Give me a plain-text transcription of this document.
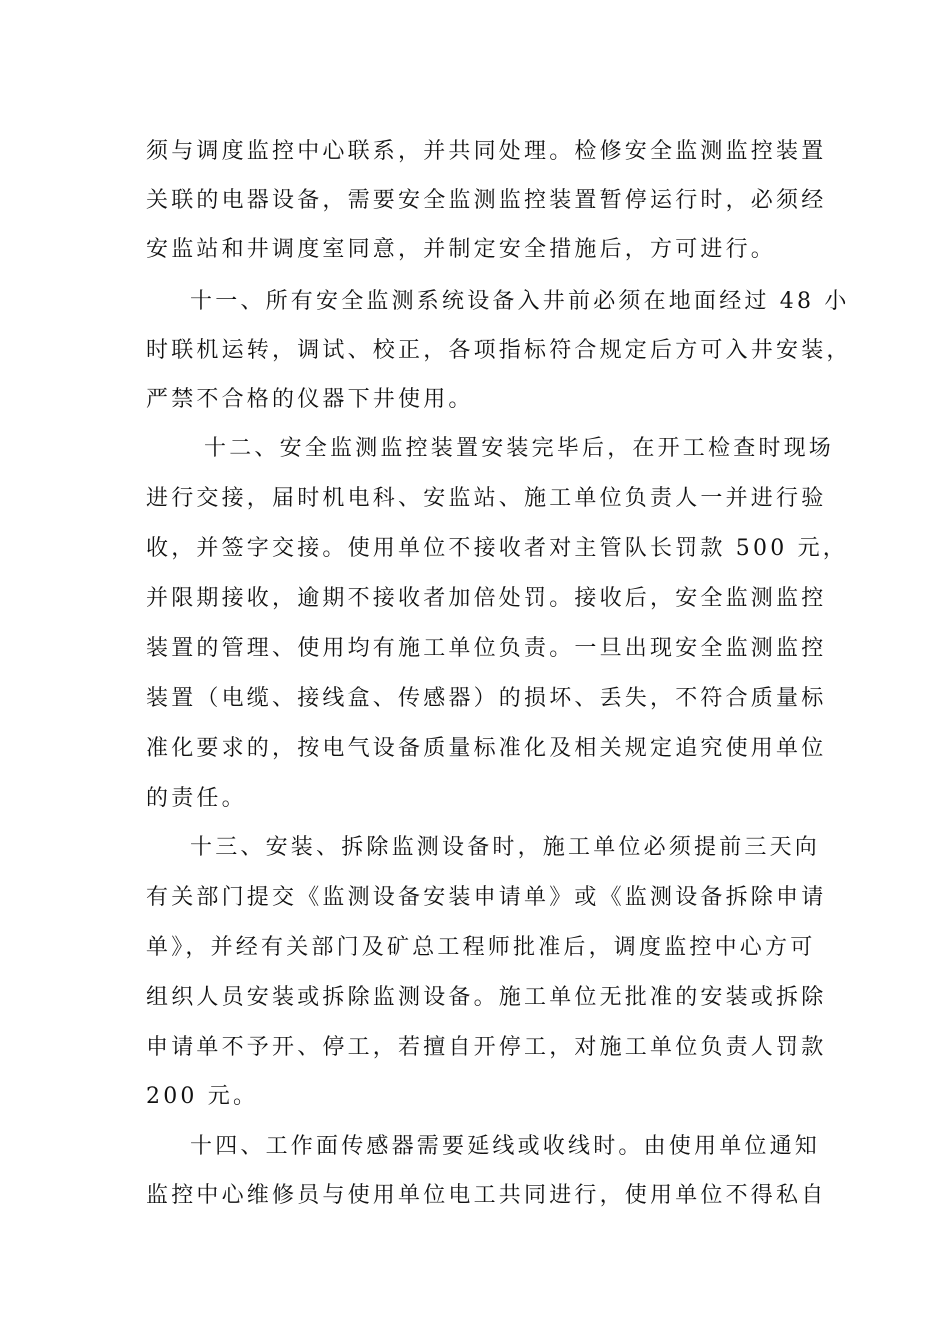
须与调度监控中心联系，并共同处理。检修安全监测监控装置
关联的电器设备，需要安全监测监控装置暂停运行时，必须经
安监站和井调度室同意，并制定安全措施后，方可进行。
十一、所有安全监测系统设备入井前必须在地面经过 48 小
时联机运转，调试、校正，各项指标符合规定后方可入井安装，
严禁不合格的仪器下井使用。
十二、安全监测监控装置安装完毕后，在开工检查时现场
进行交接，届时机电科、安监站、施工单位负责人一并进行验
收，并签字交接。使用单位不接收者对主管队长罚款 500 元，
并限期接收，逾期不接收者加倍处罚。接收后，安全监测监控
装置的管理、使用均有施工单位负责。一旦出现安全监测监控
装置（电缆、接线盒、传感器）的损坏、丢失，不符合质量标
准化要求的，按电气设备质量标准化及相关规定追究使用单位
的责任。
十三、安装、拆除监测设备时，施工单位必须提前三天向
有关部门提交《监测设备安装申请单》或《监测设备拆除申请
单》，并经有关部门及矿总工程师批准后，调度监控中心方可
组织人员安装或拆除监测设备。施工单位无批准的安装或拆除
申请单不予开、停工，若擅自开停工，对施工单位负责人罚款
200 元。
十四、工作面传感器需要延线或收线时。由使用单位通知
监控中心维修员与使用单位电工共同进行，使用单位不得私自
